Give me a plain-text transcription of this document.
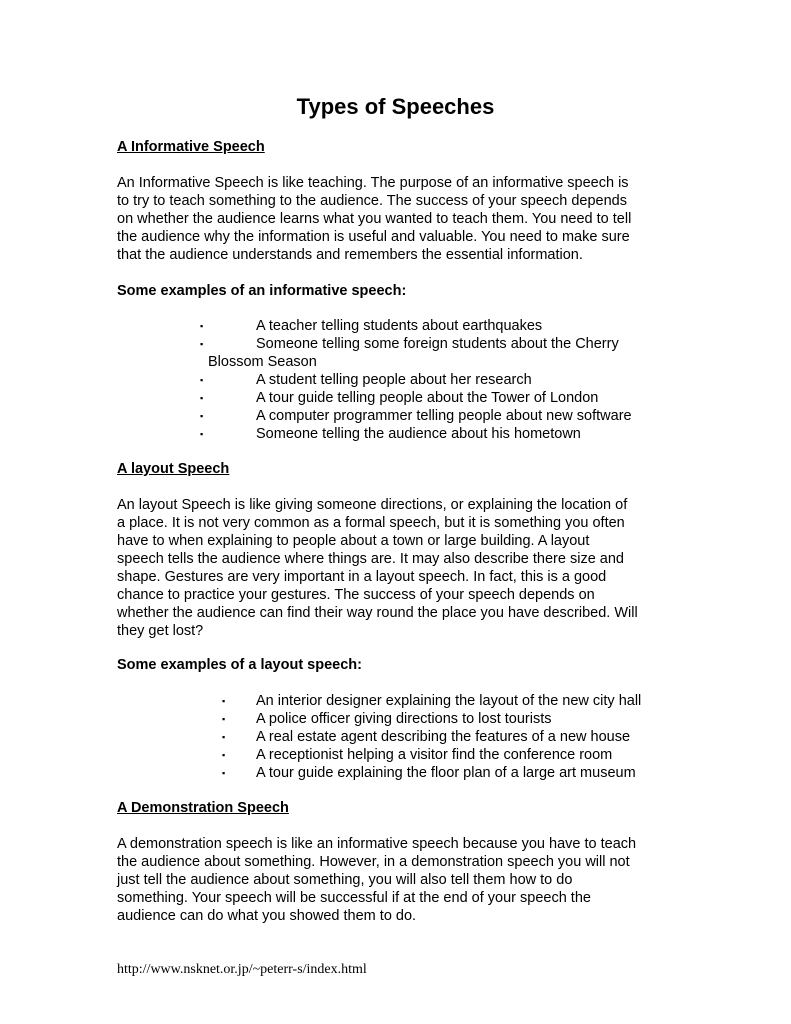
Types of Speeches
A Informative Speech
An Informative Speech is like teaching. The purpose of an informative speech is
to try to teach something to the audience. The success of your speech depends
on whether the audience learns what you wanted to teach them. You need to tell
the audience why the information is useful and valuable. You need to make sure
that the audience understands and remembers the essential information.
Some examples of an informative speech:
▪	A teacher telling students about earthquakes
▪	Someone telling some foreign students about the Cherry
Blossom Season
▪	A student telling people about her research
▪	A tour guide telling people about the Tower of London
▪	A computer programmer telling people about new software
▪	Someone telling the audience about his hometown
A layout Speech
An layout Speech is like giving someone directions, or explaining the location of
a place. It is not very common as a formal speech, but it is something you often
have to when explaining to people about a town or large building. A layout
speech tells the audience where things are. It may also describe there size and
shape. Gestures are very important in a layout speech. In fact, this is a good
chance to practice your gestures. The success of your speech depends on
whether the audience can find their way round the place you have described. Will
they get lost?
Some examples of a layout speech:
▪	An interior designer explaining the layout of the new city hall
▪	A police officer giving directions to lost tourists
▪	A real estate agent describing the features of a new house
▪	A receptionist helping a visitor find the conference room
▪	A tour guide explaining the floor plan of a large art museum
A Demonstration Speech
A demonstration speech is like an informative speech because you have to teach
the audience about something. However, in a demonstration speech you will not
just tell the audience about something, you will also tell them how to do
something. Your speech will be successful if at the end of your speech the
audience can do what you showed them to do.
http://www.nsknet.or.jp/~peterr-s/index.html
